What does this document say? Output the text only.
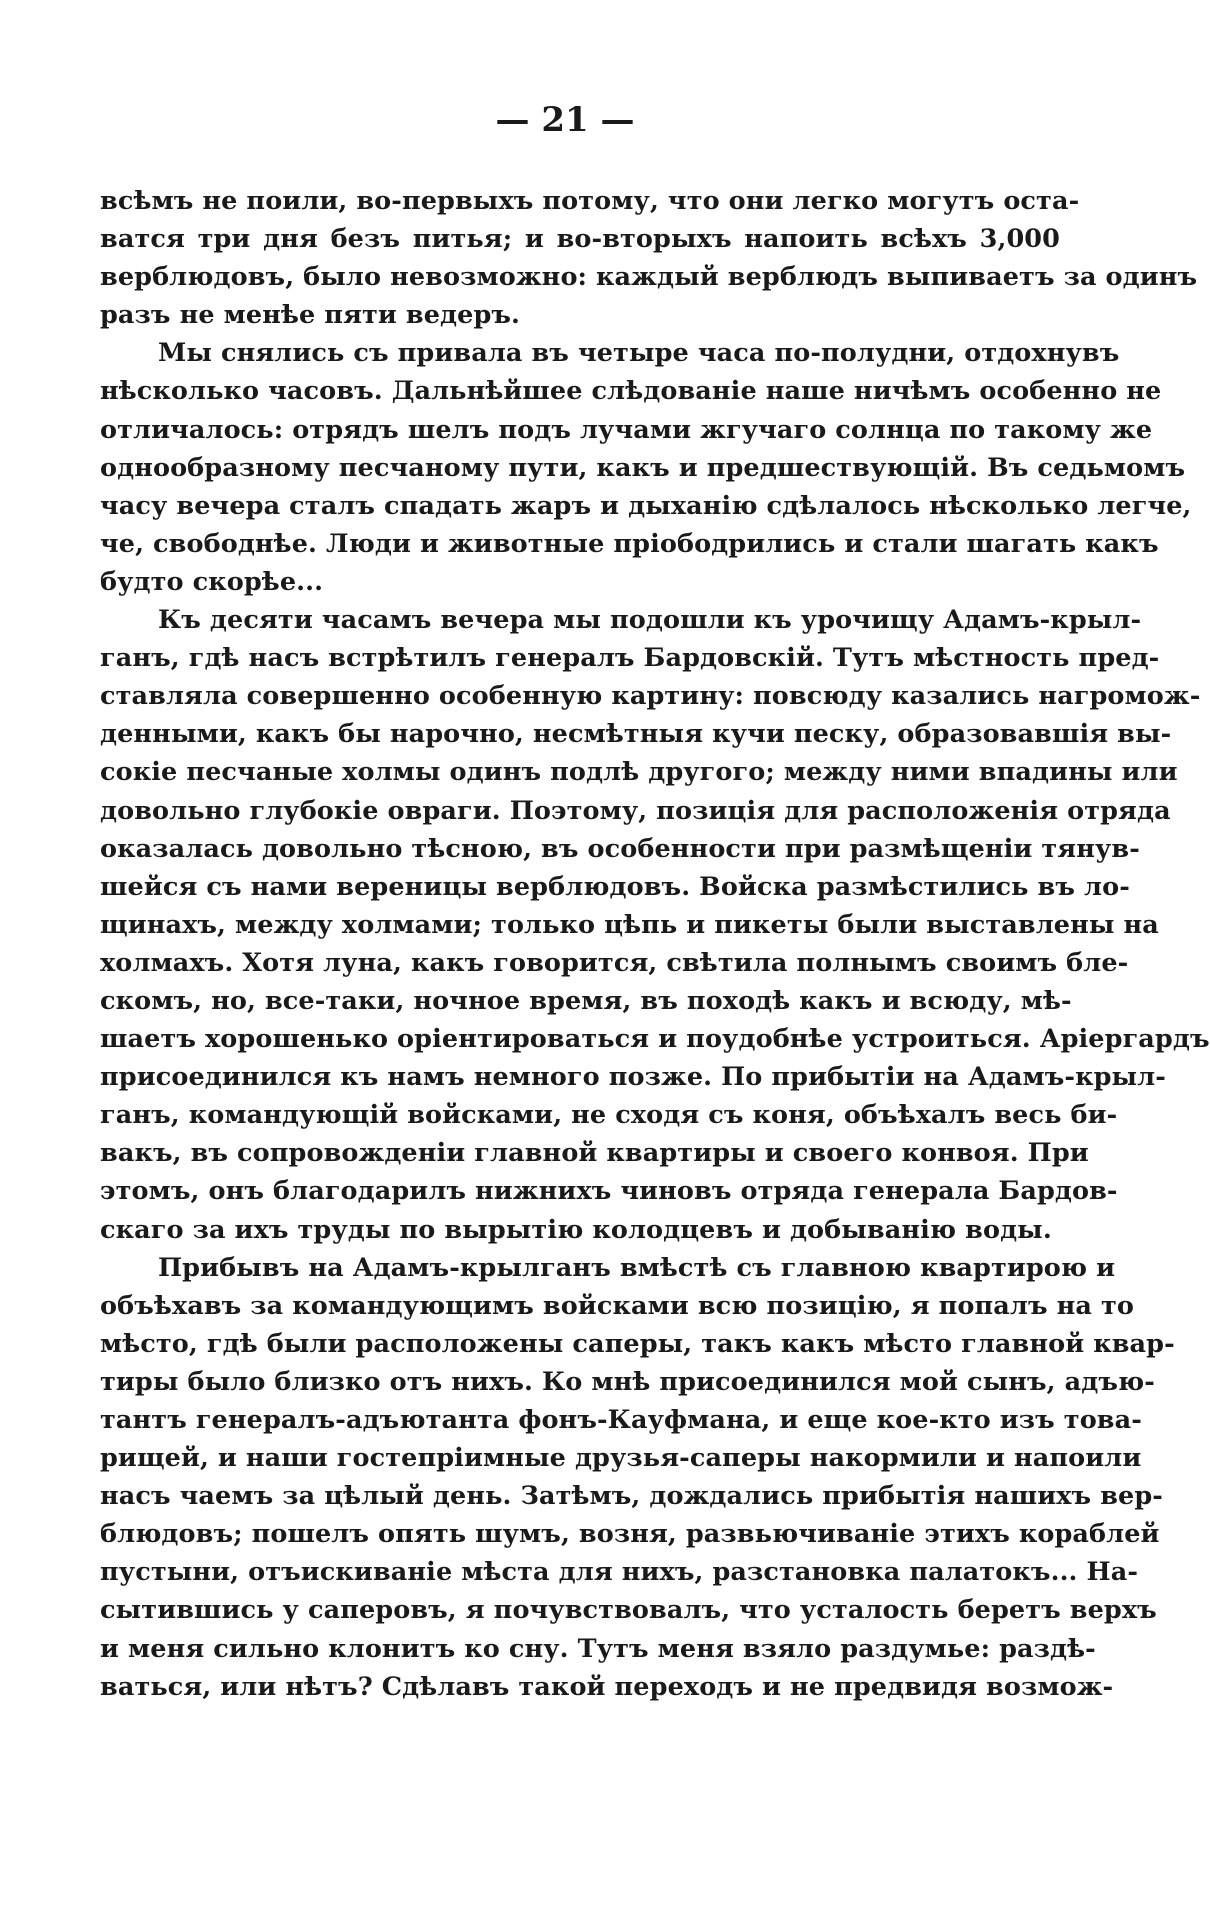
— 21 —
всѣмъ не поили, во-первыхъ потому, что они легко могутъ оста-
ватся три дня безъ питья; и во-вторыхъ напоить всѣхъ 3,000
верблюдовъ, было невозможно: каждый верблюдъ выпиваетъ за одинъ
разъ не менѣе пяти ведеръ.
Мы снялись съ привала въ четыре часа по-полудни, отдохнувъ
нѣсколько часовъ. Дальнѣйшее слѣдованіе наше ничѣмъ особенно не
отличалось: отрядъ шелъ подъ лучами жгучаго солнца по такому же
однообразному песчаному пути, какъ и предшествующій. Въ седьмомъ
часу вечера сталъ спадать жаръ и дыханію сдѣлалось нѣсколько легче,
че, свободнѣе. Люди и животные пріободрились и стали шагать какъ
будто скорѣе...
Къ десяти часамъ вечера мы подошли къ урочищу Адамъ-крыл-
ганъ, гдѣ насъ встрѣтилъ генералъ Бардовскій. Тутъ мѣстность пред-
ставляла совершенно особенную картину: повсюду казались нагромож-
денными, какъ бы нарочно, несмѣтныя кучи песку, образовавшія вы-
сокіе песчаные холмы одинъ подлѣ другого; между ними впадины или
довольно глубокіе овраги. Поэтому, позиція для расположенія отряда
оказалась довольно тѣсною, въ особенности при размѣщеніи тянув-
шейся съ нами вереницы верблюдовъ. Войска размѣстились въ ло-
щинахъ, между холмами; только цѣпь и пикеты были выставлены на
холмахъ. Хотя луна, какъ говорится, свѣтила полнымъ своимъ бле-
скомъ, но, все-таки, ночное время, въ походѣ какъ и всюду, мѣ-
шаетъ хорошенько оріентироваться и поудобнѣе устроиться. Аріергардъ
присоединился къ намъ немного позже. По прибытіи на Адамъ-крыл-
ганъ, командующій войсками, не сходя съ коня, объѣхалъ весь би-
вакъ, въ сопровожденіи главной квартиры и своего конвоя. При
этомъ, онъ благодарилъ нижнихъ чиновъ отряда генерала Бардов-
скаго за ихъ труды по вырытію колодцевъ и добыванію воды.
Прибывъ на Адамъ-крылганъ вмѣстѣ съ главною квартирою и
объѣхавъ за командующимъ войсками всю позицію, я попалъ на то
мѣсто, гдѣ были расположены саперы, такъ какъ мѣсто главной квар-
тиры было близко отъ нихъ. Ко мнѣ присоединился мой сынъ, адъю-
тантъ генералъ-адъютанта фонъ-Кауфмана, и еще кое-кто изъ това-
рищей, и наши гостепріимные друзья-саперы накормили и напоили
насъ чаемъ за цѣлый день. Затѣмъ, дождались прибытія нашихъ вер-
блюдовъ; пошелъ опять шумъ, возня, развьючиваніе этихъ кораблей
пустыни, отъискиваніе мѣста для нихъ, разстановка палатокъ... На-
сытившись у саперовъ, я почувствовалъ, что усталость беретъ верхъ
и меня сильно клонитъ ко сну. Тутъ меня взяло раздумье: раздѣ-
ваться, или нѣтъ? Сдѣлавъ такой переходъ и не предвидя возмож-
